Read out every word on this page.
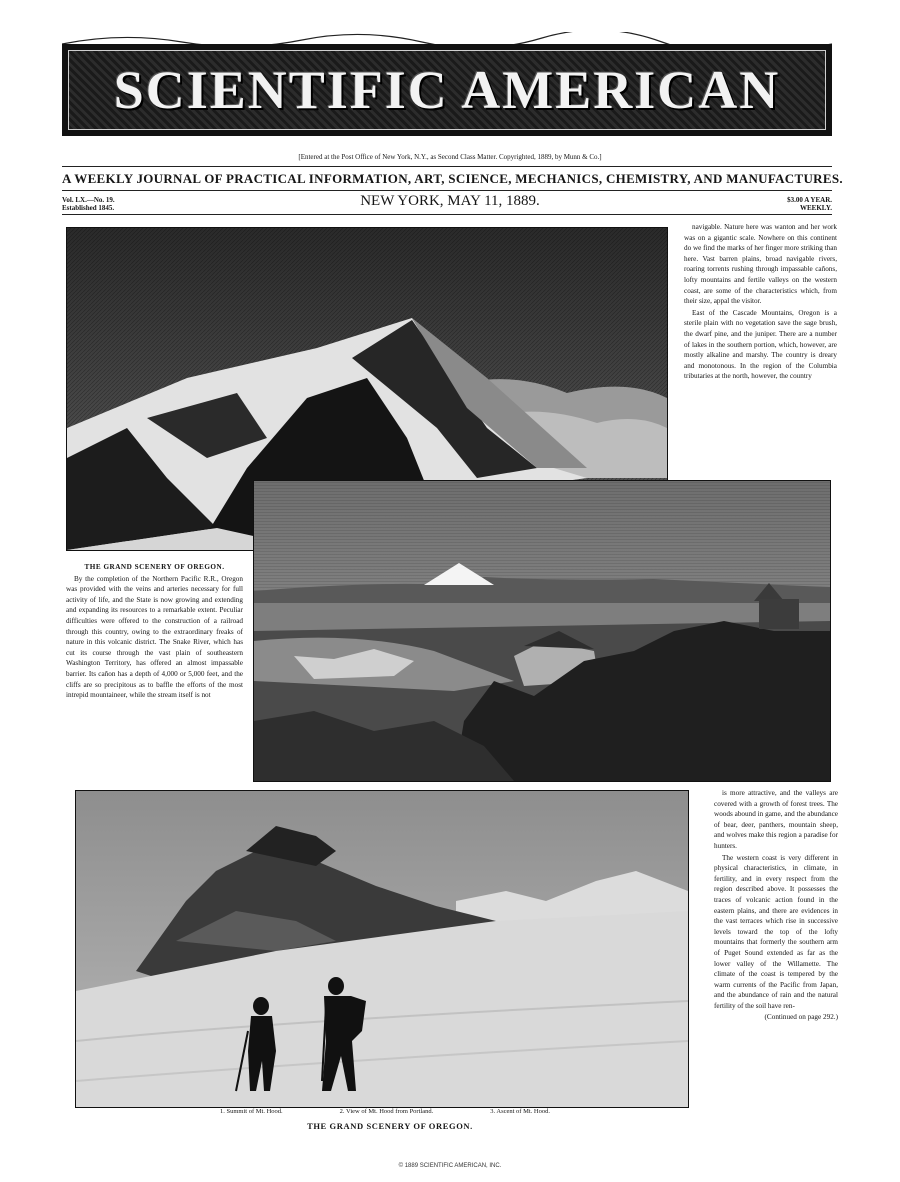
SCIENTIFIC AMERICAN
[Entered at the Post Office of New York, N.Y., as Second Class Matter. Copyrighted, 1889, by Munn & Co.]
A WEEKLY JOURNAL OF PRACTICAL INFORMATION, ART, SCIENCE, MECHANICS, CHEMISTRY, AND MANUFACTURES.
Vol. LX.—No. 19.
Established 1845.	NEW YORK, MAY 11, 1889.	$3.00 A YEAR.
WEEKLY.

navigable. Nature here was wanton and her work was on a gigantic scale. Nowhere on this continent do we find the marks of her finger more striking than here. Vast barren plains, broad navigable rivers, roaring torrents rushing through impassable cañons, lofty mountains and fertile valleys on the western coast, are some of the characteristics which, from their size, appal the visitor.

East of the Cascade Mountains, Oregon is a sterile plain with no vegetation save the sage brush, the dwarf pine, and the juniper. There are a number of lakes in the southern portion, which, however, are mostly alkaline and marshy. The country is dreary and monotonous. In the region of the Columbia tributaries at the north, however, the country

THE GRAND SCENERY OF OREGON.

By the completion of the Northern Pacific R.R., Oregon was provided with the veins and arteries necessary for full activity of life, and the State is now growing and extending and expanding its resources to a remarkable extent. Peculiar difficulties were offered to the construction of a railroad through this country, owing to the extraordinary freaks of nature in this volcanic district. The Snake River, which has cut its course through the vast plain of southeastern Washington Territory, has offered an almost impassable barrier. Its cañon has a depth of 4,000 or 5,000 feet, and the cliffs are so precipitous as to baffle the efforts of the most intrepid mountaineer, while the stream itself is not

is more attractive, and the valleys are covered with a growth of forest trees. The woods abound in game, and the abundance of bear, deer, panthers, mountain sheep, and wolves make this region a paradise for hunters.

The western coast is very different in physical characteristics, in climate, in fertility, and in every respect from the region described above. It possesses the traces of volcanic action found in the eastern plains, and there are evidences in the vast terraces which rise in successive levels toward the top of the lofty mountains that formerly the southern arm of Puget Sound extended as far as the lower valley of the Willamette. The climate of the coast is tempered by the warm currents of the Pacific from Japan, and the abundance of rain and the natural fertility of the soil have ren-

(Continued on page 292.)

1. Summit of Mt. Hood.	2. View of Mt. Hood from Portland.	3. Ascent of Mt. Hood.
THE GRAND SCENERY OF OREGON.
© 1889 SCIENTIFIC AMERICAN, INC.
